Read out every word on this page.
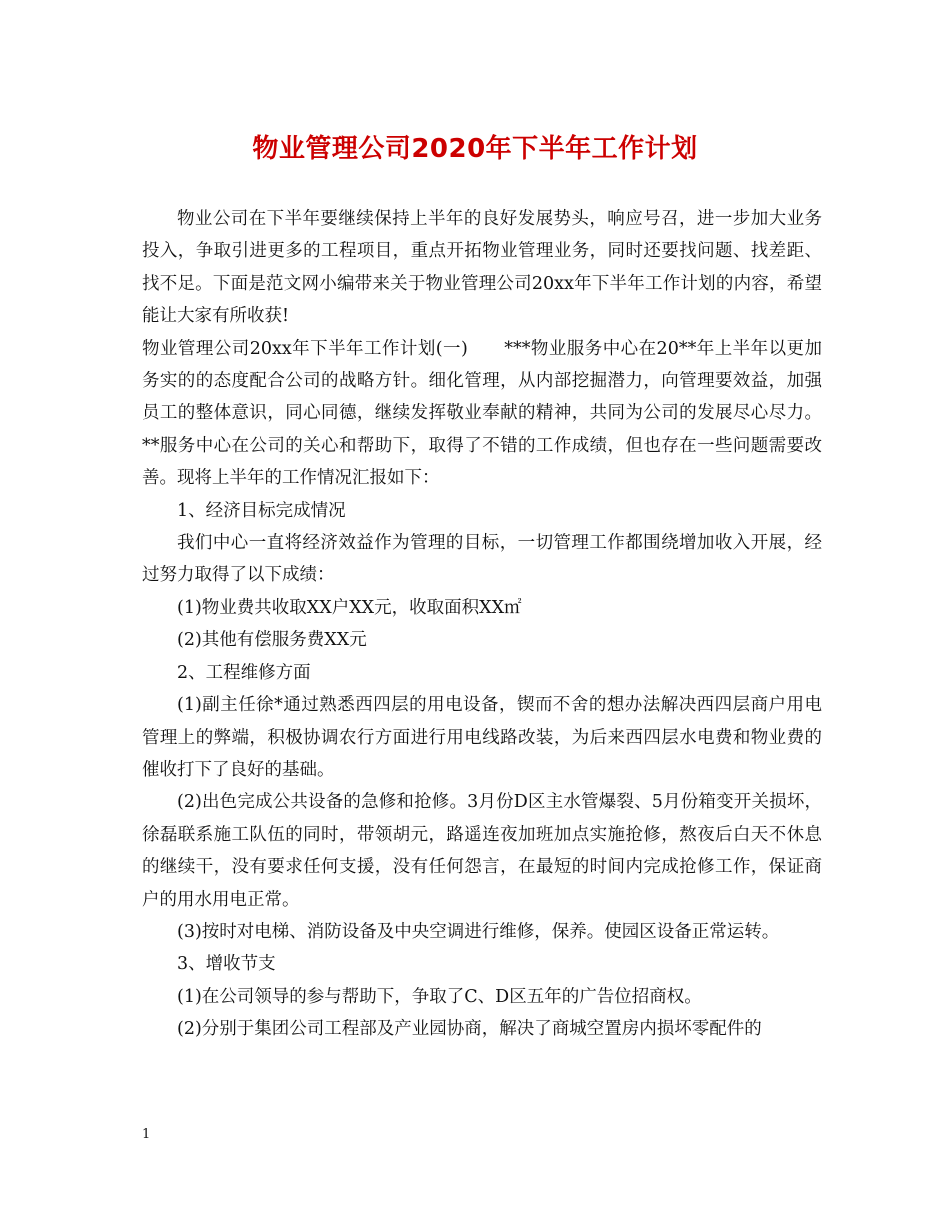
物业管理公司2020年下半年工作计划

物业公司在下半年要继续保持上半年的良好发展势头，响应号召，进一步加大业务投入，争取引进更多的工程项目，重点开拓物业管理业务，同时还要找问题、找差距、找不足。下面是范文网小编带来关于物业管理公司20xx年下半年工作计划的内容，希望能让大家有所收获!

物业管理公司20xx年下半年工作计划(一)　　***物业服务中心在20**年上半年以更加务实的的态度配合公司的战略方针。细化管理，从内部挖掘潜力，向管理要效益，加强员工的整体意识，同心同德，继续发挥敬业奉献的精神，共同为公司的发展尽心尽力。**服务中心在公司的关心和帮助下，取得了不错的工作成绩，但也存在一些问题需要改善。现将上半年的工作情况汇报如下：

1、经济目标完成情况

我们中心一直将经济效益作为管理的目标，一切管理工作都围绕增加收入开展，经过努力取得了以下成绩：

(1)物业费共收取XX户XX元，收取面积XX㎡

(2)其他有偿服务费XX元

2、工程维修方面

(1)副主任徐*通过熟悉西四层的用电设备，锲而不舍的想办法解决西四层商户用电管理上的弊端，积极协调农行方面进行用电线路改装，为后来西四层水电费和物业费的催收打下了良好的基础。

(2)出色完成公共设备的急修和抢修。3月份D区主水管爆裂、5月份箱变开关损坏，徐磊联系施工队伍的同时，带领胡元，路遥连夜加班加点实施抢修，熬夜后白天不休息的继续干，没有要求任何支援，没有任何怨言，在最短的时间内完成抢修工作，保证商户的用水用电正常。

(3)按时对电梯、消防设备及中央空调进行维修，保养。使园区设备正常运转。

3、增收节支

(1)在公司领导的参与帮助下，争取了C、D区五年的广告位招商权。

(2)分别于集团公司工程部及产业园协商，解决了商城空置房内损坏零配件的

1
